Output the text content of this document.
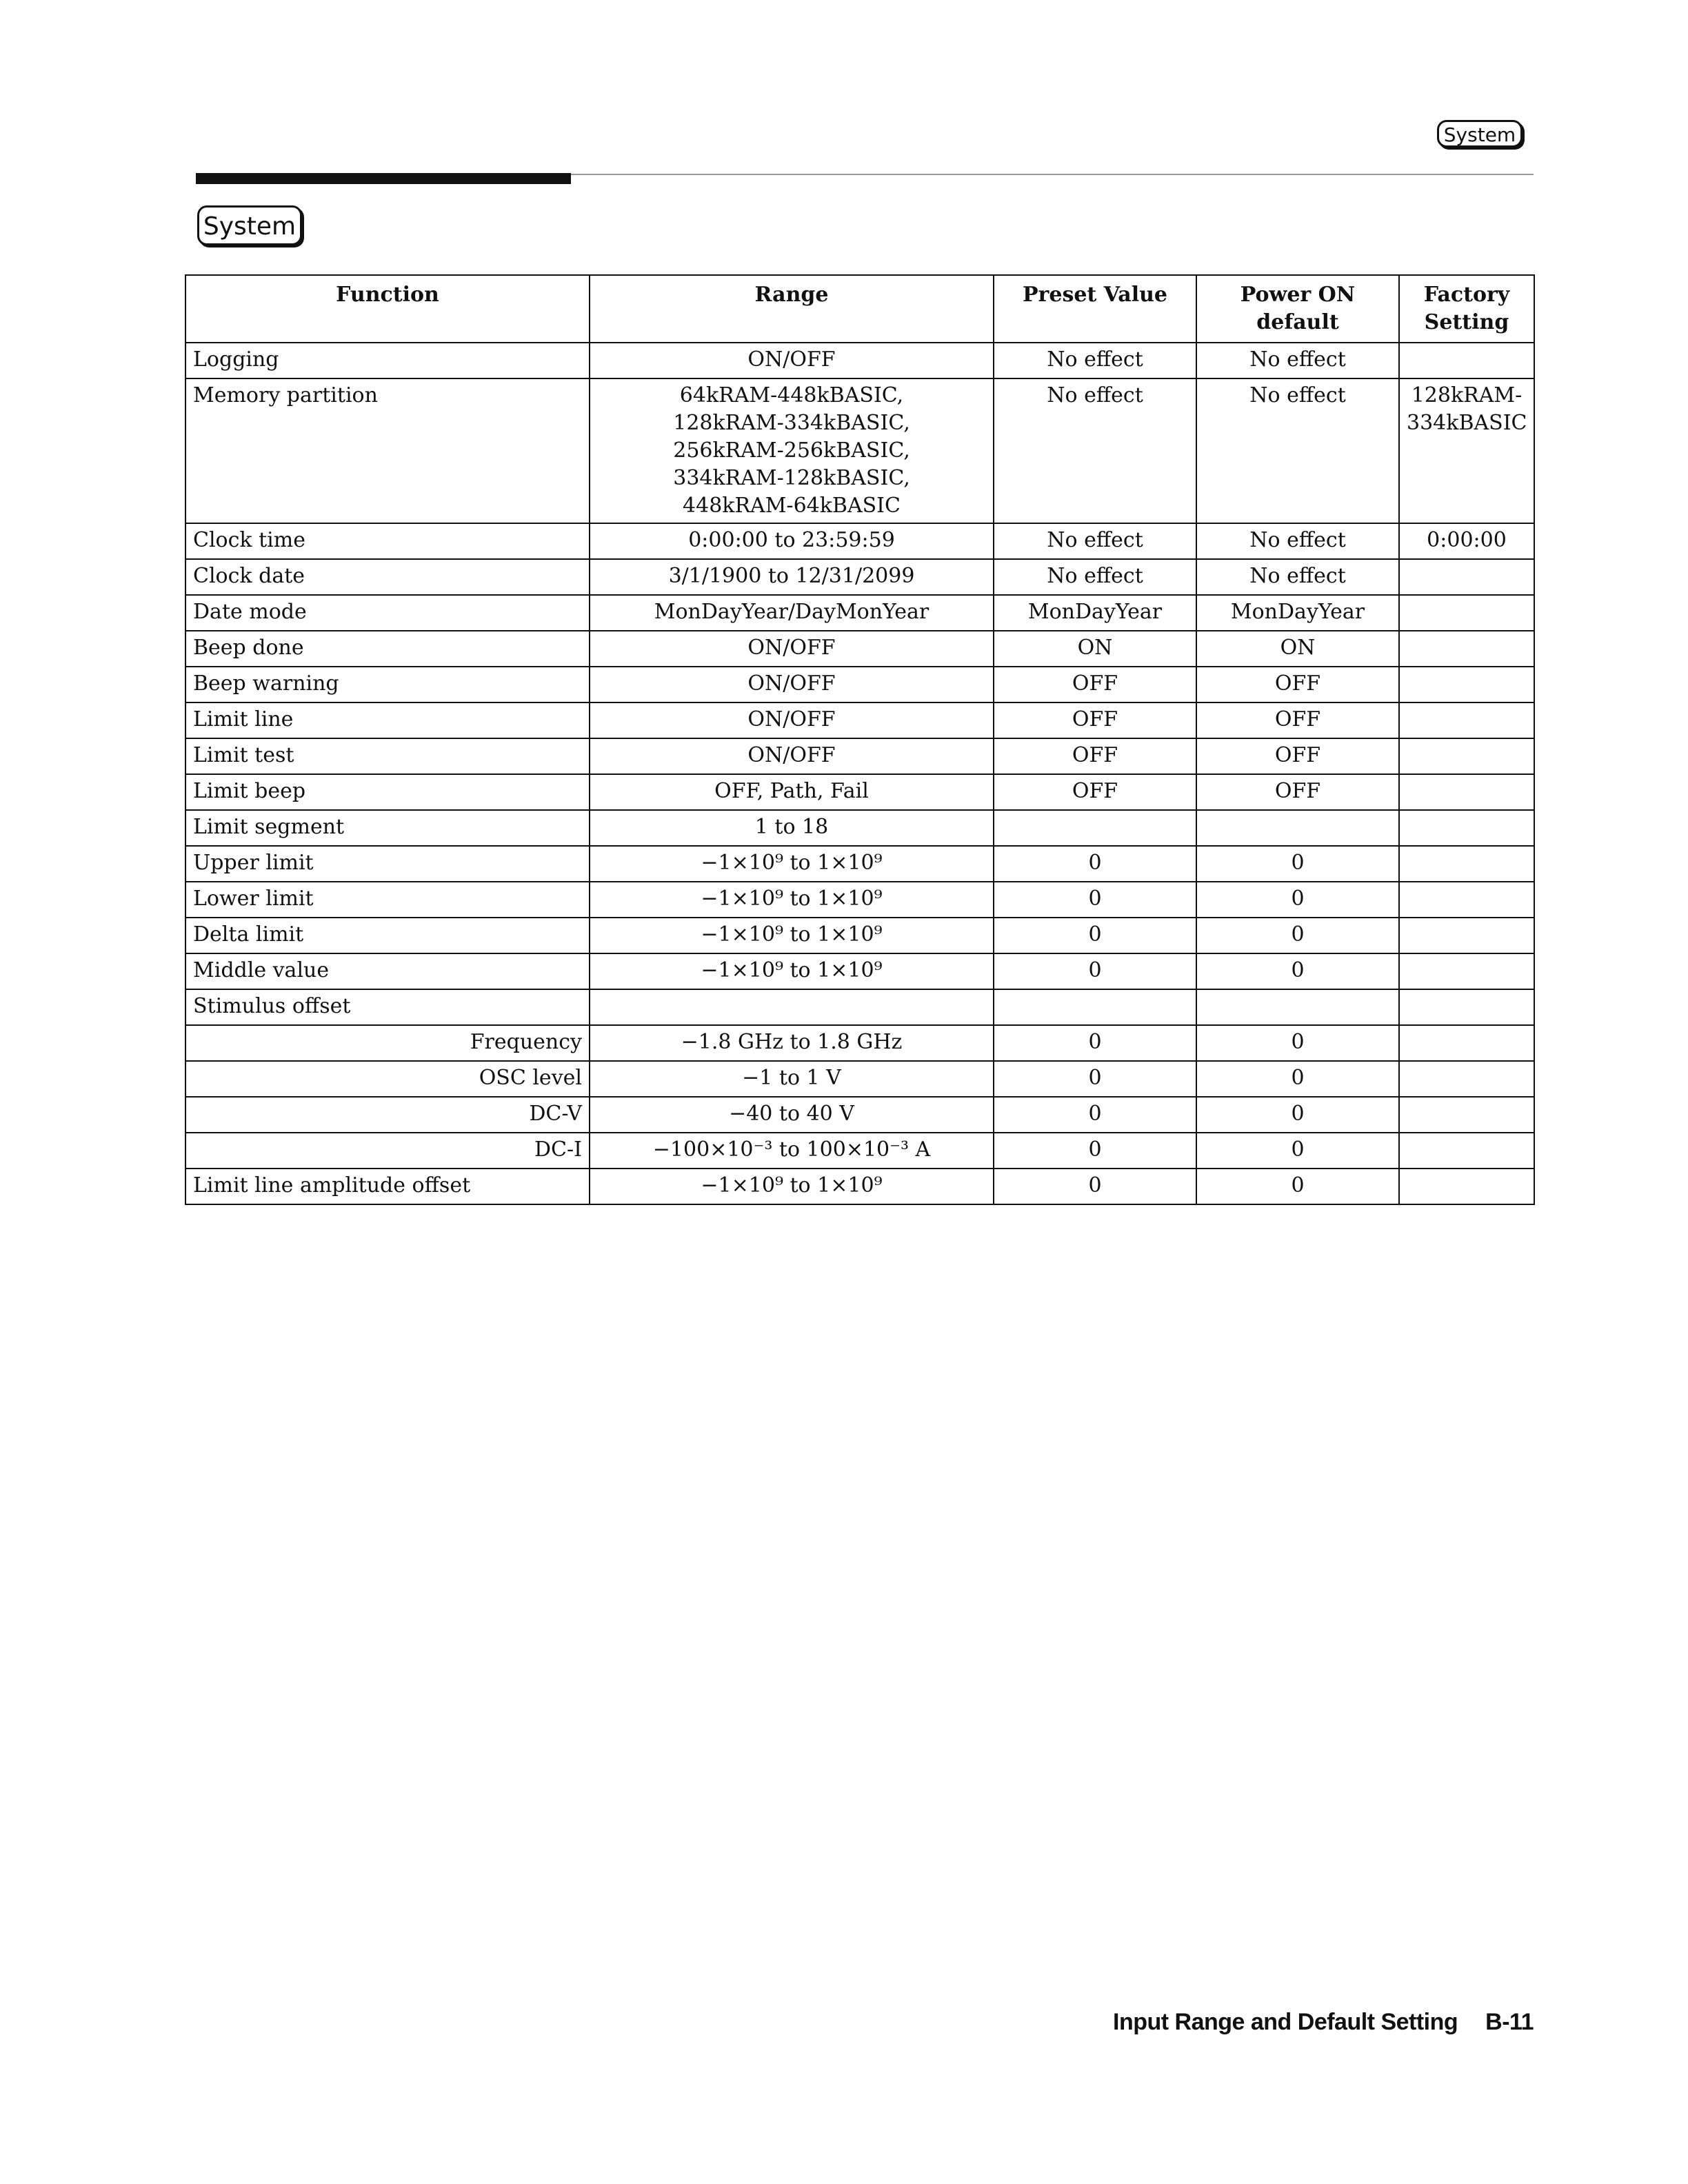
System
System
Function	Range	Preset Value	Power ON default	Factory Setting
Logging	ON/OFF	No effect	No effect	
Memory partition	64kRAM-448kBASIC,
128kRAM-334kBASIC,
256kRAM-256kBASIC,
334kRAM-128kBASIC,
448kRAM-64kBASIC	No effect	No effect	128kRAM-
334kBASIC
Clock time	0:00:00 to 23:59:59	No effect	No effect	0:00:00
Clock date	3/1/1900 to 12/31/2099	No effect	No effect	
Date mode	MonDayYear/DayMonYear	MonDayYear	MonDayYear	
Beep done	ON/OFF	ON	ON	
Beep warning	ON/OFF	OFF	OFF	
Limit line	ON/OFF	OFF	OFF	
Limit test	ON/OFF	OFF	OFF	
Limit beep	OFF, Path, Fail	OFF	OFF	
Limit segment	1 to 18			
Upper limit	−1×10⁹ to 1×10⁹	0	0	
Lower limit	−1×10⁹ to 1×10⁹	0	0	
Delta limit	−1×10⁹ to 1×10⁹	0	0	
Middle value	−1×10⁹ to 1×10⁹	0	0	
Stimulus offset				
Frequency	−1.8 GHz to 1.8 GHz	0	0	
OSC level	−1 to 1 V	0	0	
DC-V	−40 to 40 V	0	0	
DC-I	−100×10⁻³ to 100×10⁻³ A	0	0	
Limit line amplitude offset	−1×10⁹ to 1×10⁹	0	0	
Input Range and Default Setting B-11
